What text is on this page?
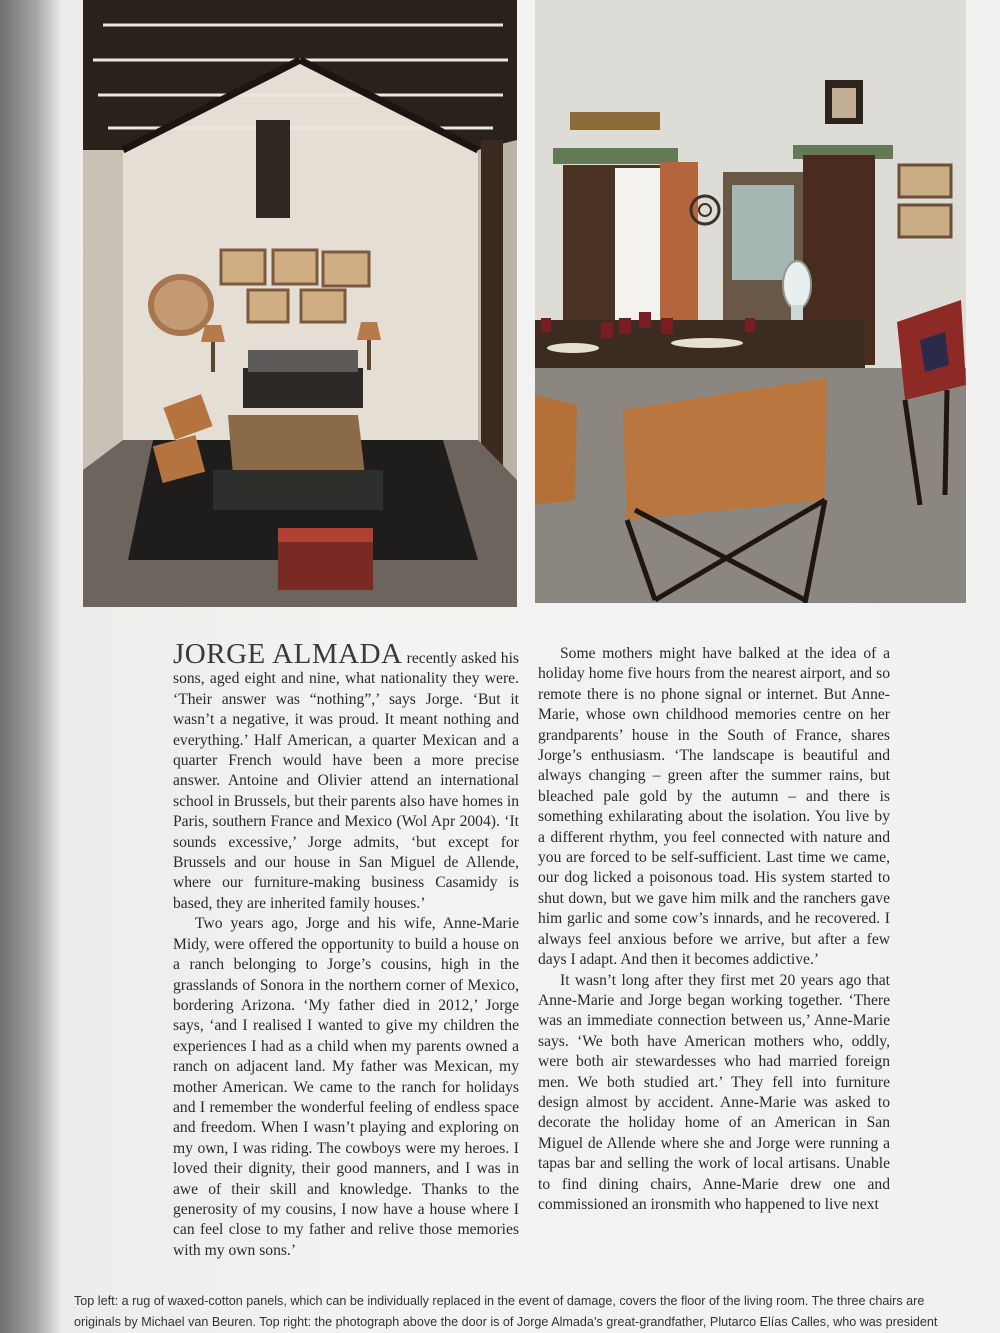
JORGE ALMADA recently asked his sons, aged eight and nine, what nationality they were. ‘Their answer was “nothing”,’ says Jorge. ‘But it wasn’t a negative, it was proud. It meant nothing and everything.’ Half American, a quarter Mexican and a quarter French would have been a more precise answer. Antoine and Olivier attend an international school in Brussels, but their parents also have homes in Paris, southern France and Mexico (Wol Apr 2004). ‘It sounds excessive,’ Jorge admits, ‘but except for Brussels and our house in San Miguel de Allende, where our furniture-making business Casamidy is based, they are inherited family houses.’

Two years ago, Jorge and his wife, Anne-Marie Midy, were offered the opportunity to build a house on a ranch belonging to Jorge’s cousins, high in the grasslands of Sonora in the northern corner of Mexico, bordering Arizona. ‘My father died in 2012,’ Jorge says, ‘and I realised I wanted to give my children the experiences I had as a child when my parents owned a ranch on adjacent land. My father was Mexican, my mother American. We came to the ranch for holidays and I remember the wonderful feeling of endless space and freedom. When I wasn’t playing and exploring on my own, I was riding. The cowboys were my heroes. I loved their dignity, their good manners, and I was in awe of their skill and knowledge. Thanks to the generosity of my cousins, I now have a house where I can feel close to my father and relive those memories with my own sons.’

Some mothers might have balked at the idea of a holiday home five hours from the nearest airport, and so remote there is no phone signal or internet. But Anne-Marie, whose own childhood memories centre on her grandparents’ house in the South of France, shares Jorge’s enthusiasm. ‘The landscape is beautiful and always changing – green after the summer rains, but bleached pale gold by the autumn – and there is something exhilarating about the isolation. You live by a different rhythm, you feel connected with nature and you are forced to be self-sufficient. Last time we came, our dog licked a poisonous toad. His system started to shut down, but we gave him milk and the ranchers gave him garlic and some cow’s innards, and he recovered. I always feel anxious before we arrive, but after a few days I adapt. And then it becomes addictive.’

It wasn’t long after they first met 20 years ago that Anne-Marie and Jorge began working together. ‘There was an immediate connection between us,’ Anne-Marie says. ‘We both have American mothers who, oddly, were both air stewardesses who had married foreign men. We both studied art.’ They fell into furniture design almost by accident. Anne-Marie was asked to decorate the holiday home of an American in San Miguel de Allende where she and Jorge were running a tapas bar and selling the work of local artisans. Unable to find dining chairs, Anne-Marie drew one and commissioned an ironsmith who happened to live next

Top left: a rug of waxed-cotton panels, which can be individually replaced in the event of damage, covers the floor of the living room. The three chairs are
originals by Michael van Beuren. Top right: the photograph above the door is of Jorge Almada’s great-grandfather, Plutarco Elías Calles, who was president
